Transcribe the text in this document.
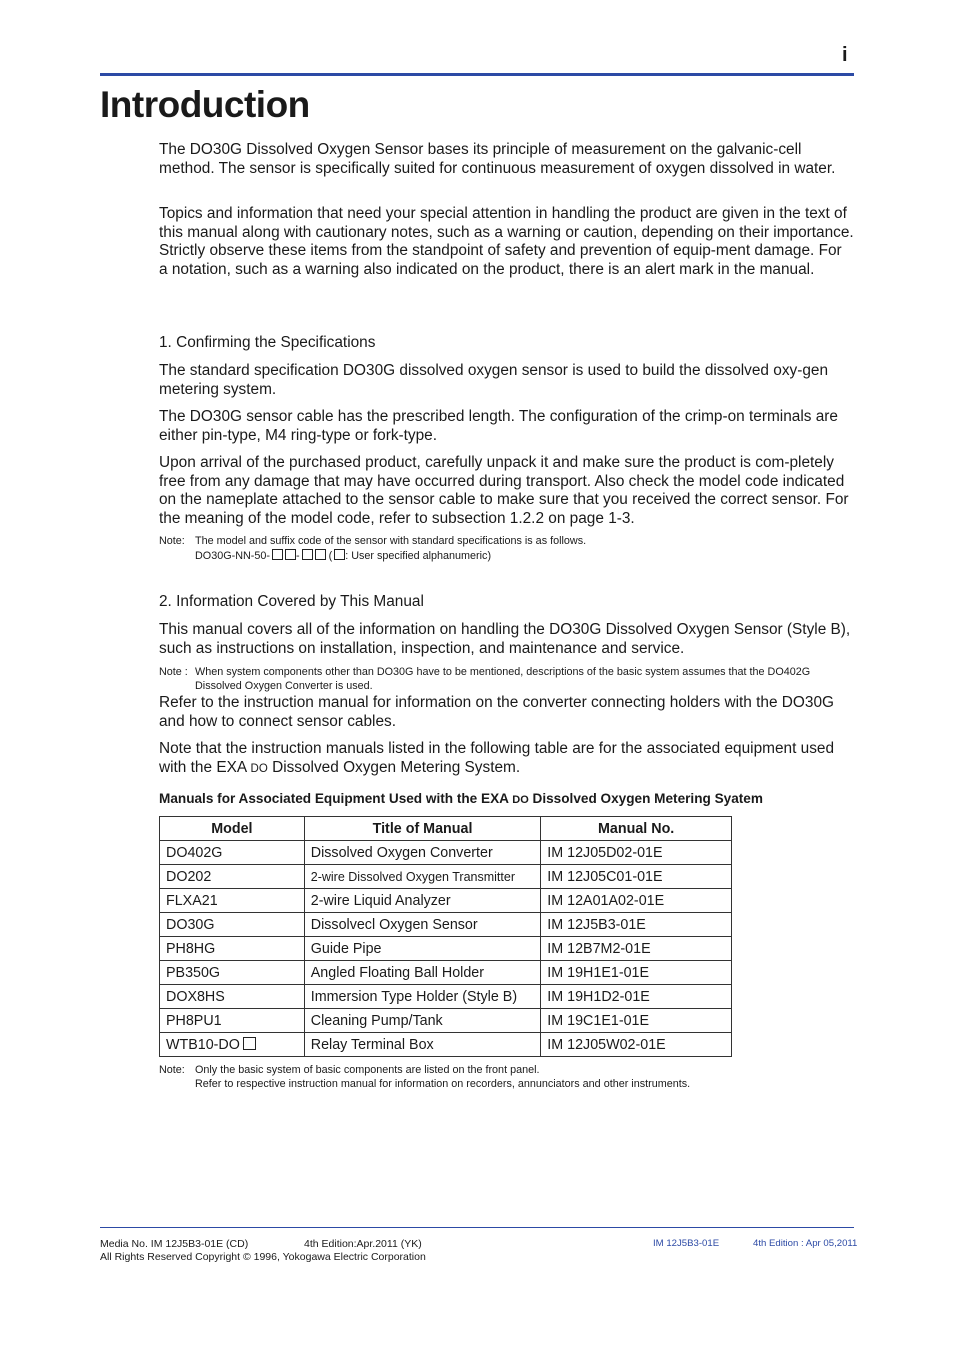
i
Introduction

The DO30G Dissolved Oxygen Sensor bases its principle of measurement on the galvanic-cell method. The sensor is specifically suited for continuous measurement of oxygen dissolved in water.

Topics and information that need your special attention in handling the product are given in the text of this manual along with cautionary notes, such as a warning or caution, depending on their importance. Strictly observe these items from the standpoint of safety and prevention of equip-ment damage. For a notation, such as a warning also indicated on the product, there is an alert mark in the manual.

1. Confirming the Specifications

The standard specification DO30G dissolved oxygen sensor is used to build the dissolved oxy-gen metering system.

The DO30G sensor cable has the prescribed length. The configuration of the crimp-on terminals are either pin-type, M4 ring-type or fork-type.

Upon arrival of the purchased product, carefully unpack it and make sure the product is com-pletely free from any damage that may have occurred during transport. Also check the model code indicated on the nameplate attached to the sensor cable to make sure that you received the correct sensor. For the meaning of the model code, refer to subsection 1.2.2 on page 1-3.

Note: The model and suffix code of the sensor with standard specifications is as follows.
DO30G-NN-50- -	( : User specified alphanumeric)

2. Information Covered by This Manual

This manual covers all of the information on handling the DO30G Dissolved Oxygen Sensor (Style B), such as instructions on installation, inspection, and maintenance and service.

Note : When system components other than DO30G have to be mentioned, descriptions of the basic system assumes that the DO402G Dissolved Oxygen Converter is used.

Refer to the instruction manual for information on the converter connecting holders with the DO30G and how to connect sensor cables.

Note that the instruction manuals listed in the following table are for the associated equipment used with the EXA DO Dissolved Oxygen Metering System.

Manuals for Associated Equipment Used with the EXA DO Dissolved Oxygen Metering Syatem

Model	Title of Manual	Manual No.
DO402G	Dissolved Oxygen Converter	IM 12J05D02-01E
DO202	2-wire Dissolved Oxygen Transmitter	IM 12J05C01-01E
FLXA21	2-wire Liquid Analyzer	IM 12A01A02-01E
DO30G	Dissolvecl Oxygen Sensor	IM 12J5B3-01E
PH8HG	Guide Pipe	IM 12B7M2-01E
PB350G	Angled Floating Ball Holder	IM 19H1E1-01E
DOX8HS	Immersion Type Holder (Style B)	IM 19H1D2-01E
PH8PU1	Cleaning Pump/Tank	IM 19C1E1-01E
WTB10-DO	Relay Terminal Box	IM 12J05W02-01E
Note: Only the basic system of basic components are listed on the front panel.
Refer to respective instruction manual for information on recorders, annunciators and other instruments.
Media No. IM 12J5B3-01E (CD)
All Rights Reserved Copyright © 1996, Yokogawa Electric Corporation
4th Edition:Apr.2011 (YK)	IM 12J5B3-01E	4th Edition : Apr 05,2011
